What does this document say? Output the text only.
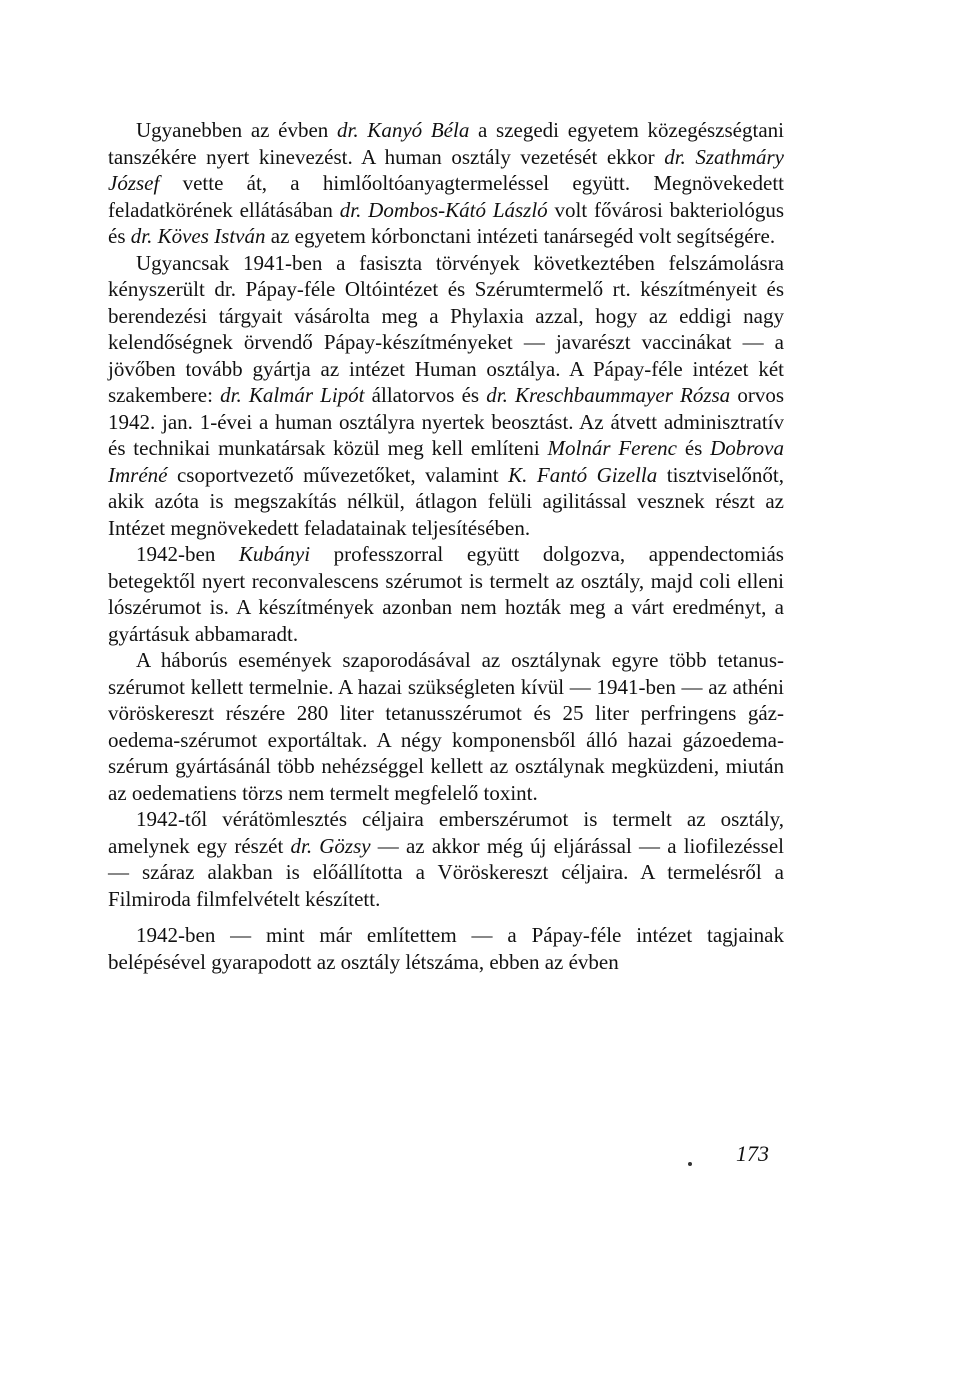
Ugyanebben az évben dr. Kanyó Béla a szegedi egyetem közegészségtani tanszékére nyert kinevezést. A human osztály vezetését ekkor dr. Szathmáry József vette át, a himlőoltóanyagtermeléssel együtt. Megnövekedett feladatkörének ellátásában dr. Dombos-Kátó László volt fővárosi bakteriológus és dr. Köves István az egyetem kórbonctani intézeti tanársegéd volt segítségére.

Ugyancsak 1941-ben a fasiszta törvények következtében felszámolásra kényszerült dr. Pápay-féle Oltóintézet és Szérumtermelő rt. készítményeit és berendezési tárgyait vásárolta meg a Phylaxia azzal, hogy az eddigi nagy kelendőségnek örvendő Pápay-készítményeket — javarészt vaccinákat — a jövőben tovább gyártja az intézet Human osztálya. A Pápay-féle intézet két szakembere: dr. Kalmár Lipót állatorvos és dr. Kreschbaummayer Rózsa orvos 1942. jan. 1-évei a human osztályra nyertek beosztást. Az átvett adminisztratív és technikai munkatársak közül meg kell említeni Molnár Ferenc és Dobrova Imréné csoportvezető művezetőket, valamint K. Fantó Gizella tisztviselőnőt, akik azóta is megszakítás nélkül, átlagon felüli agilitással vesznek részt az Intézet megnövekedett feladatainak teljesítésében.

1942-ben Kubányi professzorral együtt dolgozva, appendectomiás betegektől nyert reconvalescens szérumot is termelt az osztály, majd coli elleni lószérumot is. A készítmények azonban nem hozták meg a várt eredményt, a gyártásuk abbamaradt.

A háborús események szaporodásával az osztálynak egyre több tetanus-szérumot kellett termelnie. A hazai szükségleten kívül — 1941-ben — az athéni vöröskereszt részére 280 liter tetanusszérumot és 25 liter perfringens gáz-oedema-szérumot exportáltak. A négy komponensből álló hazai gázoedema-szérum gyártásánál több nehézséggel kellett az osztálynak megküzdeni, miután az oedematiens törzs nem termelt megfelelő toxint.

1942-től vérátömlesztés céljaira emberszérumot is termelt az osztály, amelynek egy részét dr. Gözsy — az akkor még új eljárással — a liofilezéssel — száraz alakban is előállította a Vöröskereszt céljaira. A termelésről a Filmiroda filmfelvételt készített.

1942-ben — mint már említettem — a Pápay-féle intézet tagjainak belépésével gyarapodott az osztály létszáma, ebben az évben

173
